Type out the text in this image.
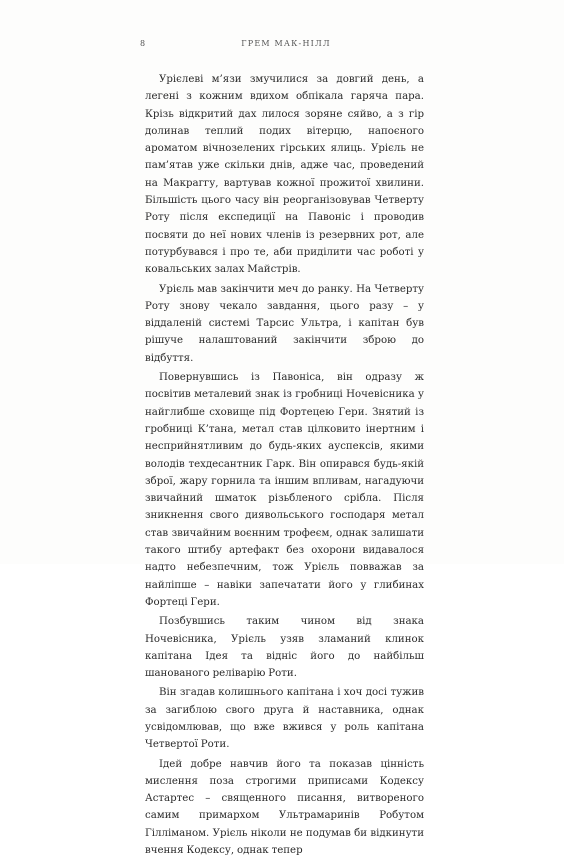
8	ГРЕМ МАК-НІЛЛ

Урієлеві м’язи змучилися за довгий день, а легені з кожним вдихом обпікала гаряча пара. Крізь відкритий дах лилося зоряне сяйво, а з гір долинав теплий подих вітерцю, напоєного ароматом вічнозелених гірських ялиць. Урієль не пам’ятав уже скільки днів, адже час, проведений на Макраггу, вартував кожної прожитої хвилини. Більшість цього часу він реорганізовував Четверту Роту після експедиції на Павоніс і проводив посвяти до неї нових членів із резервних рот, але потурбувався і про те, аби приділити час роботі у ковальських залах Майстрів.

Урієль мав закінчити меч до ранку. На Четверту Роту знову чекало завдання, цього разу – у віддаленій системі Тарсис Ультра, і капітан був рішуче налаштований закінчити зброю до відбуття.

Повернувшись із Павоніса, він одразу ж посвітив металевий знак із гробниці Ночевісника у найглибше сховище під Фортецею Гери. Знятий із гробниці К’тана, метал став цілковито інертним і несприйнятливим до будь-яких ауспексів, якими володів техдесантник Гарк. Він опирався будь-якій зброї, жару горнила та іншим впливам, нагадуючи звичайний шматок різьбленого срібла. Після зникнення свого диявольського господаря метал став звичайним воєнним трофеєм, однак залишати такого штибу артефакт без охорони видавалося надто небезпечним, тож Урієль повважав за найліпше – навіки запечатати його у глибинах Фортеці Гери.

Позбувшись таким чином від знака Ночевісника, Урієль узяв зламаний клинок капітана Ідея та відніс його до найбільш шанованого реліварію Роти.

Він згадав колишнього капітана і хоч досі тужив за загиблою свого друга й наставника, однак усвідомлював, що вже вжився у роль капітана Четвертої Роти.

Ідей добре навчив його та показав цінність мислення поза строгими приписами Кодексу Астартес – священного писання, витвореного самим примархом Ультрамаринів Робутом Гілліманом. Урієль ніколи не подумав би відкинути вчення Кодексу, однак тепер
